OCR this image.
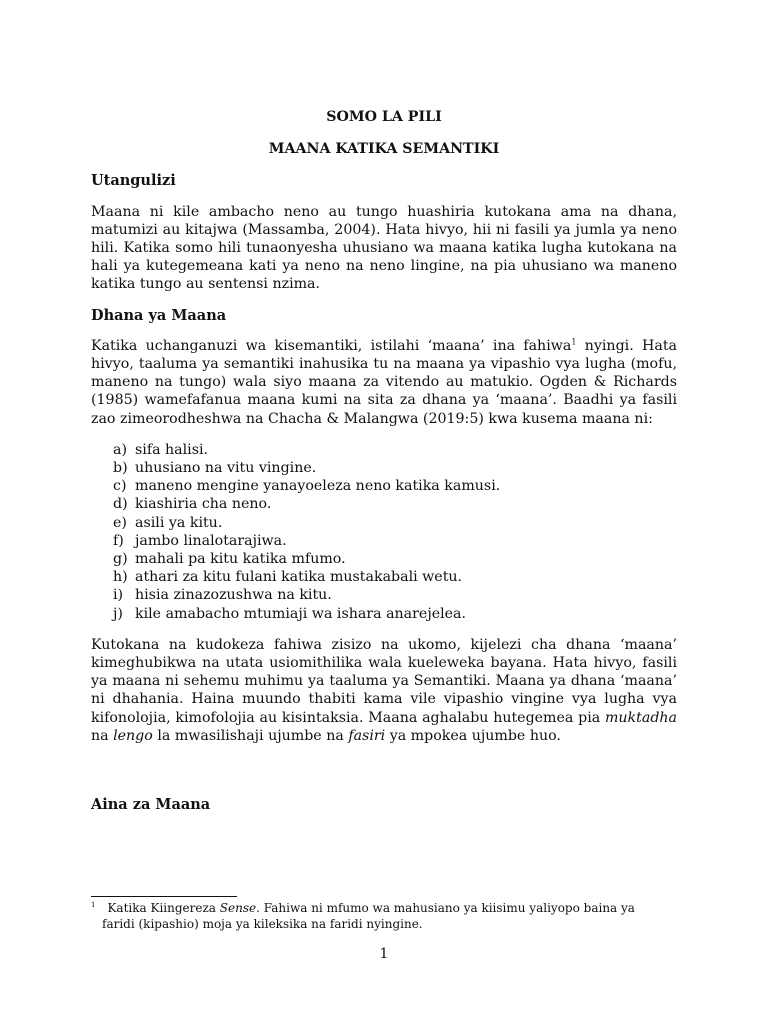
SOMO LA PILI

MAANA KATIKA SEMANTIKI

Utangulizi

Maana ni kile ambacho neno au tungo huashiria kutokana ama na dhana, matumizi au kitajwa (Massamba, 2004). Hata hivyo, hii ni fasili ya jumla ya neno hili. Katika somo hili tunaonyesha uhusiano wa maana katika lugha kutokana na hali ya kutegemeana kati ya neno na neno lingine, na pia uhusiano wa maneno katika tungo au sentensi nzima.

Dhana ya Maana

Katika uchanganuzi wa kisemantiki, istilahi ‘maana’ ina fahiwa$^1$ nyingi. Hata hivyo, taaluma ya semantiki inahusika tu na maana ya vipashio vya lugha (mofu, maneno na tungo) wala siyo maana za vitendo au matukio. Ogden & Richards (1985) wamefafanua maana kumi na sita za dhana ya ‘maana’. Baadhi ya fasili zao zimeorodheshwa na Chacha & Malangwa (2019:5) kwa kusema maana ni:

a) sifa halisi.
b) uhusiano na vitu vingine.
c) maneno mengine yanayoeleza neno katika kamusi.
d) kiashiria cha neno.
e) asili ya kitu.
f) jambo linalotarajiwa.
g) mahali pa kitu katika mfumo.
h) athari za kitu fulani katika mustakabali wetu.
i) hisia zinazozushwa na kitu.
j) kile amabacho mtumiaji wa ishara anarejelea.

Kutokana na kudokeza fahiwa zisizo na ukomo, kijelezi cha dhana ‘maana’ kimeghubikwa na utata usiomithilika wala kueleweka bayana. Hata hivyo, fasili ya maana ni sehemu muhimu ya taaluma ya Semantiki. Maana ya dhana ‘maana’ ni dhahania. Haina muundo thabiti kama vile vipashio vingine vya lugha vya kifonolojia, kimofolojia au kisintaksia. Maana aghalabu hutegemea pia muktadha na lengo la mwasilishaji ujumbe na fasiri ya mpokea ujumbe huo.

Aina za Maana
$^1$ Katika Kiingereza Sense. Fahiwa ni mfumo wa mahusiano ya kiisimu yaliyopo baina ya
faridi (kipashio) moja ya kileksika na faridi nyingine.
1
